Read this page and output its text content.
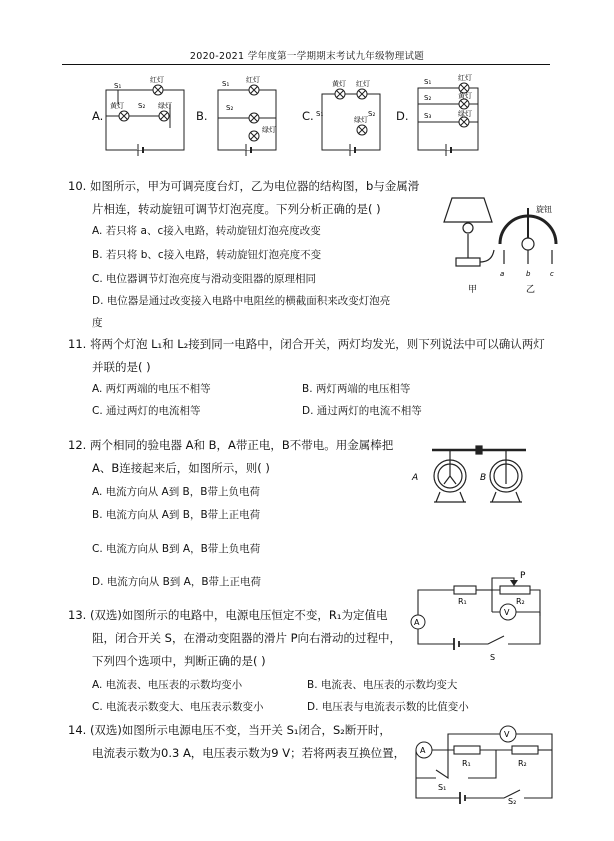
2020-2021 学年度第一学期期末考试九年级物理试题
A.	B.	C.	D.
S₁
红灯
黄灯 S₂ 绿灯
S₁ 红灯
S₂
绿灯
黄灯 红灯
S₁	S₂
绿灯
S₁
S₂
S₃
红灯
黄灯
绿灯
10. 如图所示，甲为可调亮度台灯，乙为电位器的结构图，b与金属滑
片相连，转动旋钮可调节灯泡亮度。下列分析正确的是( )
A. 若只将 a、c接入电路，转动旋钮灯泡亮度改变
B. 若只将 b、c接入电路，转动旋钮灯泡亮度不变
C. 电位器调节灯泡亮度与滑动变阻器的原理相同
D. 电位器是通过改变接入电路中电阻丝的横截面积来改变灯泡亮
度
旋钮
a	b	c
甲	乙
11. 将两个灯泡 L₁和 L₂接到同一电路中，闭合开关，两灯均发光，则下列说法中可以确认两灯
并联的是( )
A. 两灯两端的电压不相等	B. 两灯两端的电压相等
C. 通过两灯的电流相等	D. 通过两灯的电流不相等
12. 两个相同的验电器 A和 B，A带正电，B不带电。用金属棒把
A、B连接起来后，如图所示，则( )
A. 电流方向从 A到 B，B带上负电荷
B. 电流方向从 A到 B，B带上正电荷
C. 电流方向从 B到 A，B带上负电荷
D. 电流方向从 B到 A，B带上正电荷
A	B
13. (双选)如图所示的电路中，电源电压恒定不变，R₁为定值电
阻，闭合开关 S，在滑动变阻器的滑片 P向右滑动的过程中，
下列四个选项中，判断正确的是( )
A. 电流表、电压表的示数均变小	B. 电流表、电压表的示数均变大
C. 电流表示数变大、电压表示数变小	D. 电压表与电流表示数的比值变小
A
V
P
R₁	R₂
S
14. (双选)如图所示电源电压不变，当开关 S₁闭合，S₂断开时，
电流表示数为0.3 A，电压表示数为9 V；若将两表互换位置， A
V
R₁	R₂
S₁
S₂
